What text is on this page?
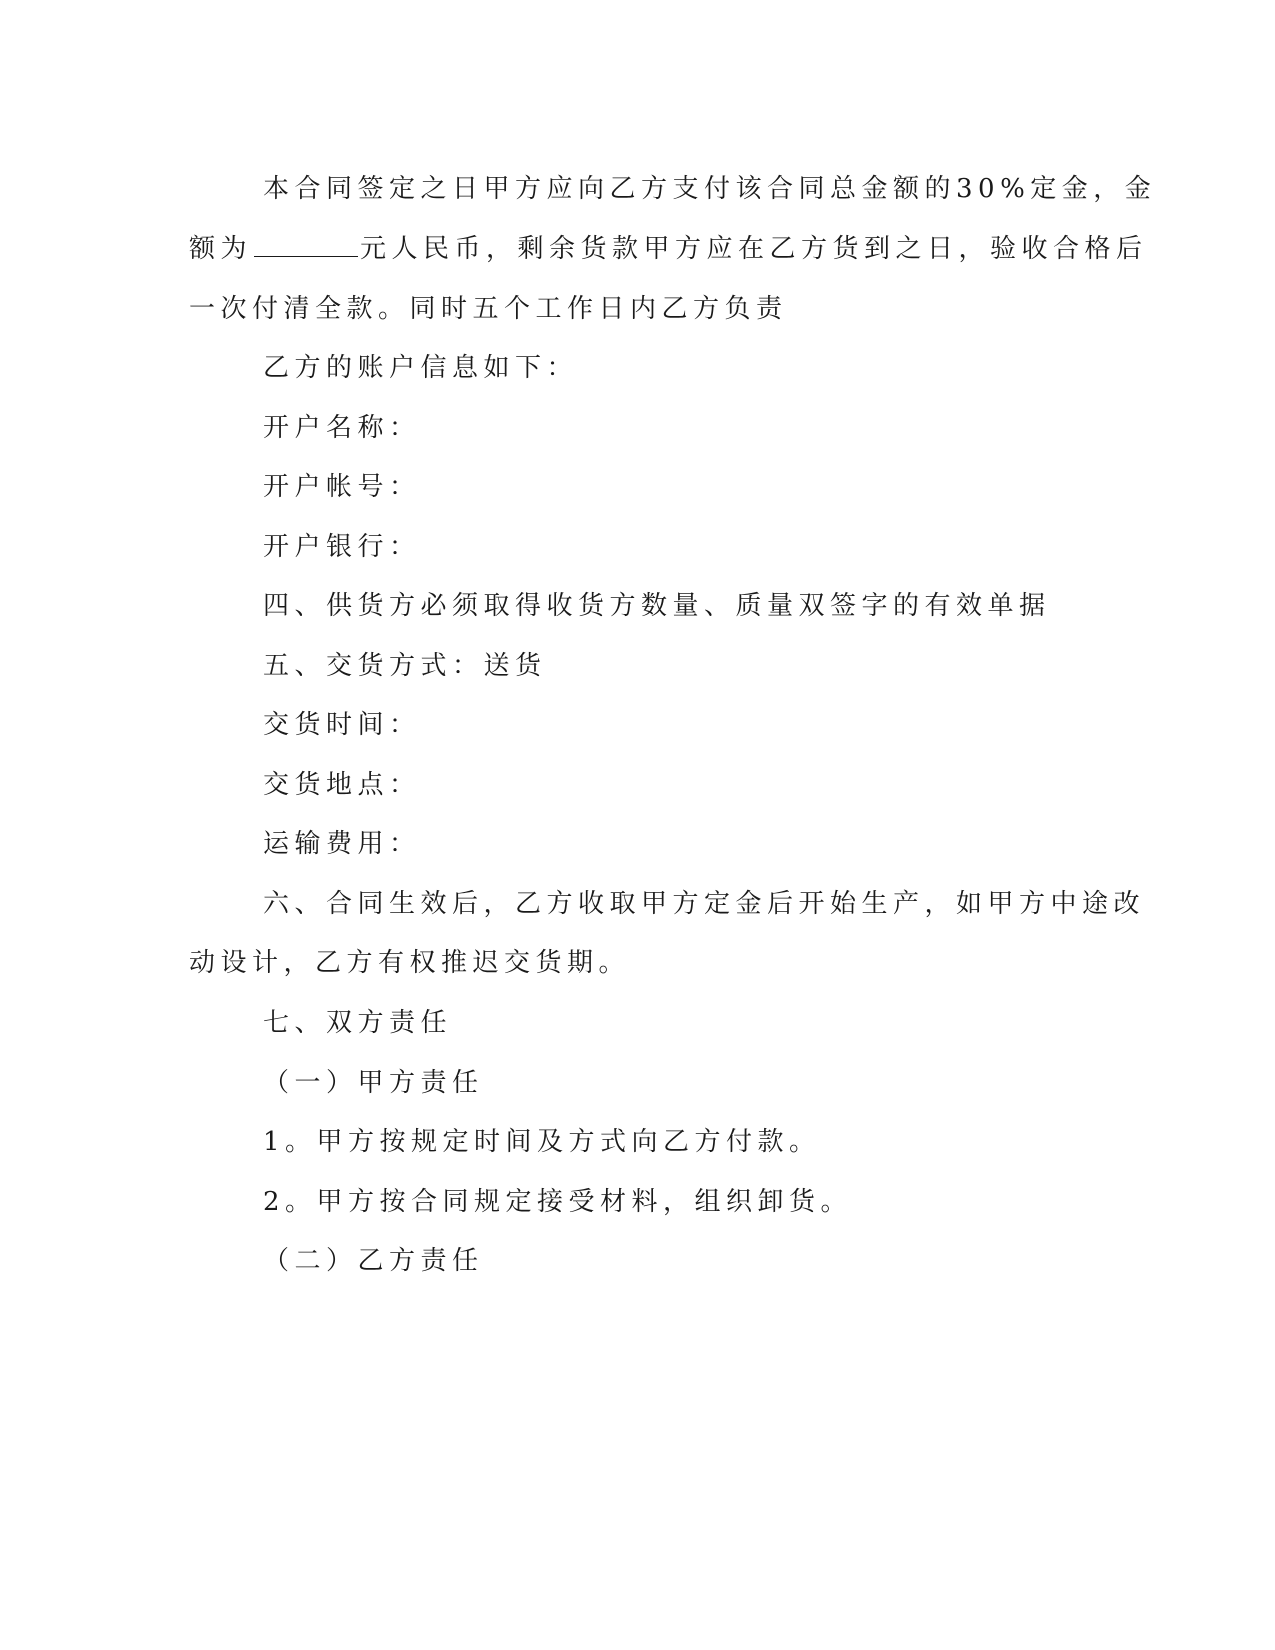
本合同签定之日甲方应向乙方支付该合同总金额的30%定金，金
额为	元人民币，剩余货款甲方应在乙方货到之日，验收合格后
一次付清全款。同时五个工作日内乙方负责
乙方的账户信息如下：
开户名称：
开户帐号：
开户银行：
四、供货方必须取得收货方数量、质量双签字的有效单据
五、交货方式：送货
交货时间：
交货地点：
运输费用：
六、合同生效后，乙方收取甲方定金后开始生产，如甲方中途改
动设计，乙方有权推迟交货期。
七、双方责任
（一）甲方责任
1。甲方按规定时间及方式向乙方付款。
2。甲方按合同规定接受材料，组织卸货。
（二）乙方责任
